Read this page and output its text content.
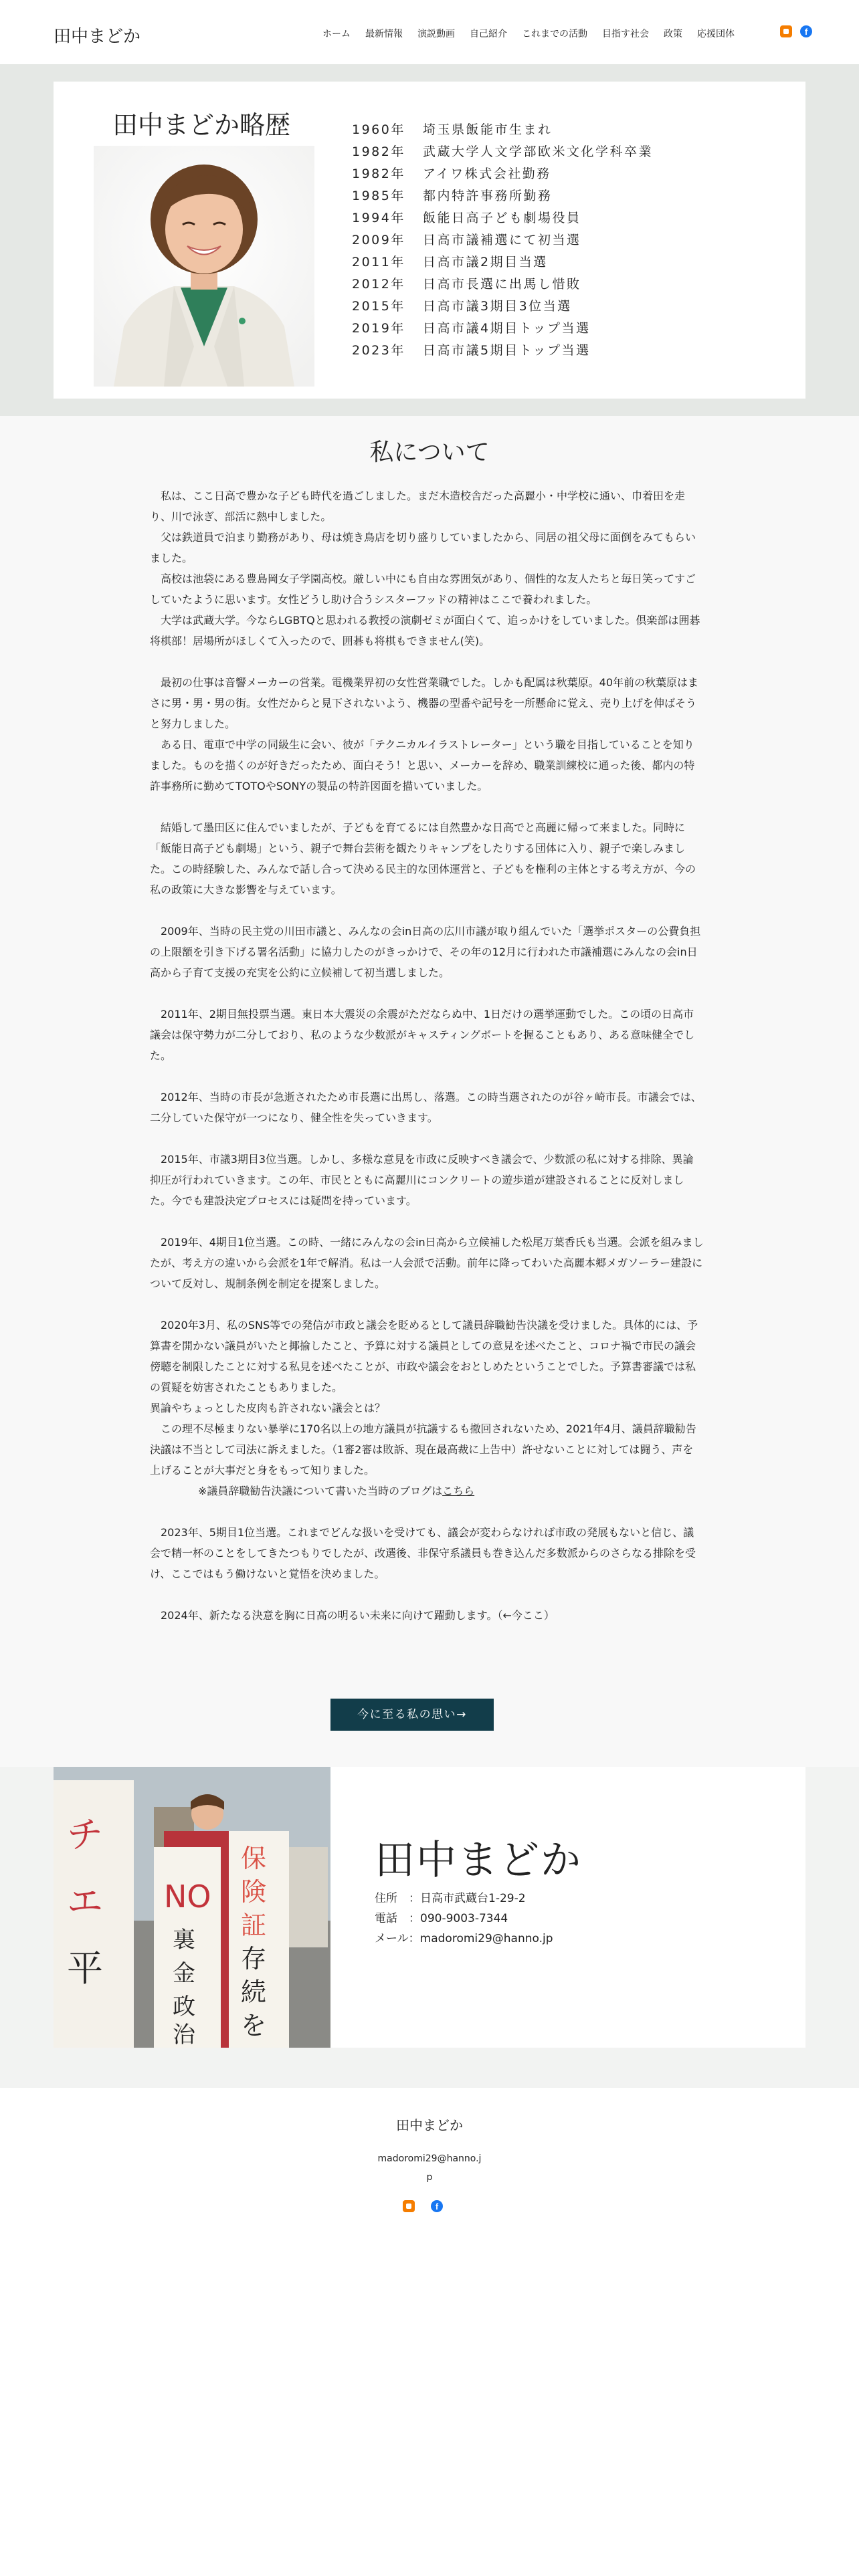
田中まどか	ホーム 最新情報 演説動画 自己紹介 これまでの活動 目指す社会 政策 応援団体	f
田中まどか略歴	1960年	埼玉県飯能市生まれ
1982年	武蔵大学人文学部欧米文化学科卒業
1982年	アイワ株式会社勤務
1985年	都内特許事務所勤務
1994年	飯能日高子ども劇場役員
2009年	日高市議補選にて初当選
2011年	日高市議2期目当選
2012年	日高市長選に出馬し惜敗
2015年	日高市議3期目3位当選
2019年	日高市議4期目トップ当選
2023年	日高市議5期目トップ当選
私について

私は、ここ日高で豊かな子ども時代を過ごしました。まだ木造校舎だった高麗小・中学校に通い、巾着田を走り、川で泳ぎ、部活に熱中しました。

父は鉄道員で泊まり勤務があり、母は焼き鳥店を切り盛りしていましたから、同居の祖父母に面倒をみてもらいました。

高校は池袋にある豊島岡女子学園高校。厳しい中にも自由な雰囲気があり、個性的な友人たちと毎日笑ってすごしていたように思います。女性どうし助け合うシスターフッドの精神はここで養われました。

大学は武蔵大学。今ならLGBTQと思われる教授の演劇ゼミが面白くて、追っかけをしていました。倶楽部は囲碁将棋部！居場所がほしくて入ったので、囲碁も将棋もできません(笑)。

最初の仕事は音響メーカーの営業。電機業界初の女性営業職でした。しかも配属は秋葉原。40年前の秋葉原はまさに男・男・男の街。女性だからと見下されないよう、機器の型番や記号を一所懸命に覚え、売り上げを伸ばそうと努力しました。

ある日、電車で中学の同級生に会い、彼が「テクニカルイラストレーター」という職を目指していることを知りました。ものを描くのが好きだったため、面白そう！と思い、メーカーを辞め、職業訓練校に通った後、都内の特許事務所に勤めてTOTOやSONYの製品の特許図面を描いていました。

結婚して墨田区に住んでいましたが、子どもを育てるには自然豊かな日高でと高麗に帰って来ました。同時に「飯能日高子ども劇場」という、親子で舞台芸術を観たりキャンプをしたりする団体に入り、親子で楽しみました。この時経験した、みんなで話し合って決める民主的な団体運営と、子どもを権利の主体とする考え方が、今の私の政策に大きな影響を与えています。

2009年、当時の民主党の川田市議と、みんなの会in日高の広川市議が取り組んでいた「選挙ポスターの公費負担の上限額を引き下げる署名活動」に協力したのがきっかけで、その年の12月に行われた市議補選にみんなの会in日高から子育て支援の充実を公約に立候補して初当選しました。

2011年、2期目無投票当選。東日本大震災の余震がただならぬ中、1日だけの選挙運動でした。この頃の日高市議会は保守勢力が二分しており、私のような少数派がキャスティングボートを握ることもあり、ある意味健全でした。

2012年、当時の市長が急逝されたため市長選に出馬し、落選。この時当選されたのが谷ヶ崎市長。市議会では、二分していた保守が一つになり、健全性を失っていきます。

2015年、市議3期目3位当選。しかし、多様な意見を市政に反映すべき議会で、少数派の私に対する排除、異論抑圧が行われていきます。この年、市民とともに高麗川にコンクリートの遊歩道が建設されることに反対しました。今でも建設決定プロセスには疑問を持っています。

2019年、4期目1位当選。この時、一緒にみんなの会in日高から立候補した松尾万葉香氏も当選。会派を組みましたが、考え方の違いから会派を1年で解消。私は一人会派で活動。前年に降ってわいた高麗本郷メガソーラー建設について反対し、規制条例を制定を提案しました。

2020年3月、私のSNS等での発信が市政と議会を貶めるとして議員辞職勧告決議を受けました。具体的には、予算書を開かない議員がいたと揶揄したこと、予算に対する議員としての意見を述べたこと、コロナ禍で市民の議会傍聴を制限したことに対する私見を述べたことが、市政や議会をおとしめたということでした。予算書審議では私の質疑を妨害されたこともありました。

異論やちょっとした皮肉も許されない議会とは？

この理不尽極まりない暴挙に170名以上の地方議員が抗議するも撤回されないため、2021年4月、議員辞職勧告決議は不当として司法に訴えました。（1審2審は敗訴、現在最高裁に上告中）許せないことに対しては闘う、声を上げることが大事だと身をもって知りました。

※議員辞職勧告決議について書いた当時のブログはこちら

2023年、5期目1位当選。これまでどんな扱いを受けても、議会が変わらなければ市政の発展もないと信じ、議会で精一杯のことをしてきたつもりでしたが、改選後、非保守系議員も巻き込んだ多数派からのさらなる排除を受け、ここではもう働けないと覚悟を決めました。

2024年、新たなる決意を胸に日高の明るい未来に向けて躍動します。（←今ここ）

今に至る私の思い→
チ
エ
平
NO
裏
金
政
治
保
険
証
存
続
を
田中まどか
住所　：日高市武蔵台1-29-2
電話　：090-9003-7344
メール：madoromi29@hanno.jp
田中まどか
madoromi29@hanno.j
p
f
